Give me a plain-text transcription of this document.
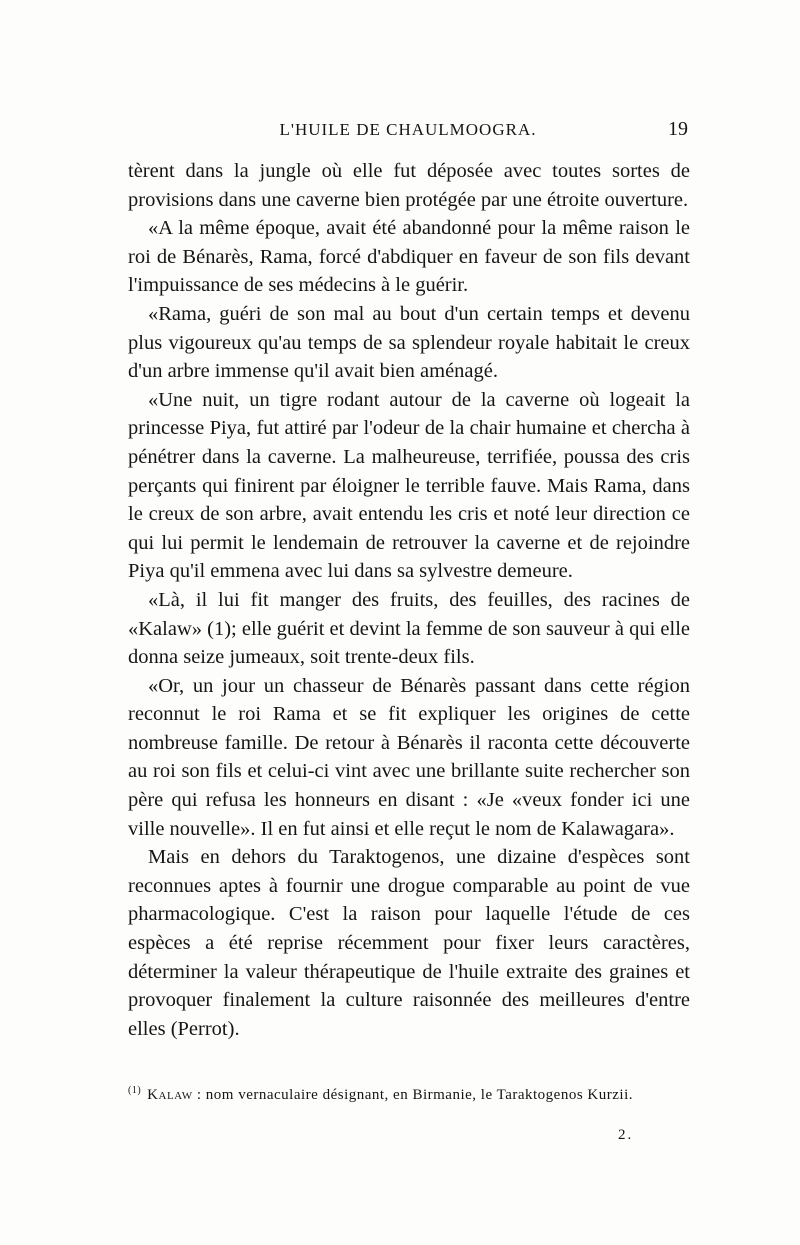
L'HUILE DE CHAULMOOGRA.	19

tèrent dans la jungle où elle fut déposée avec toutes sortes de provisions dans une caverne bien protégée par une étroite ouverture.

«A la même époque, avait été abandonné pour la même raison le roi de Bénarès, Rama, forcé d'abdiquer en faveur de son fils devant l'impuissance de ses médecins à le guérir.

«Rama, guéri de son mal au bout d'un certain temps et devenu plus vigoureux qu'au temps de sa splendeur royale habitait le creux d'un arbre immense qu'il avait bien aménagé.

«Une nuit, un tigre rodant autour de la caverne où logeait la princesse Piya, fut attiré par l'odeur de la chair humaine et chercha à pénétrer dans la caverne. La malheureuse, terrifiée, poussa des cris perçants qui finirent par éloigner le terrible fauve. Mais Rama, dans le creux de son arbre, avait entendu les cris et noté leur direction ce qui lui permit le lendemain de retrouver la caverne et de rejoindre Piya qu'il emmena avec lui dans sa sylvestre demeure.

«Là, il lui fit manger des fruits, des feuilles, des racines de «Kalaw» (1); elle guérit et devint la femme de son sauveur à qui elle donna seize jumeaux, soit trente-deux fils.

«Or, un jour un chasseur de Bénarès passant dans cette région reconnut le roi Rama et se fit expliquer les origines de cette nombreuse famille. De retour à Bénarès il raconta cette découverte au roi son fils et celui-ci vint avec une brillante suite rechercher son père qui refusa les honneurs en disant : «Je «veux fonder ici une ville nouvelle». Il en fut ainsi et elle reçut le nom de Kalawagara».

Mais en dehors du Taraktogenos, une dizaine d'espèces sont reconnues aptes à fournir une drogue comparable au point de vue pharmacologique. C'est la raison pour laquelle l'étude de ces espèces a été reprise récemment pour fixer leurs caractères, déterminer la valeur thérapeutique de l'huile extraite des graines et provoquer finalement la culture raisonnée des meilleures d'entre elles (Perrot).

$^{(1)}$ Kalaw : nom vernaculaire désignant, en Birmanie, le Taraktogenos Kurzii.
2.
